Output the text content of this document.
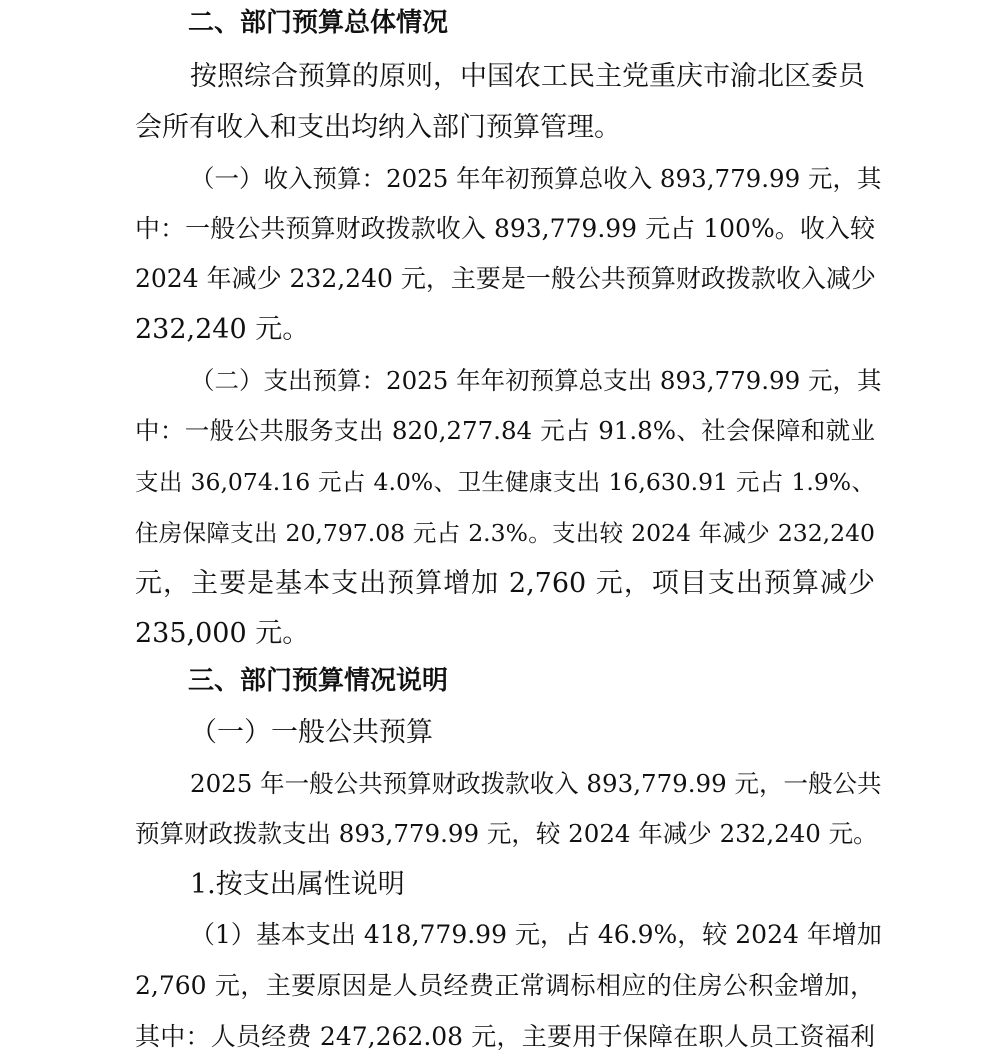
二、部门预算总体情况
按照综合预算的原则，中国农工民主党重庆市渝北区委员
会所有收入和支出均纳入部门预算管理。
（一）收入预算：2025 年年初预算总收入 893,779.99 元，其
中：一般公共预算财政拨款收入 893,779.99 元占 100%。收入较
2024 年减少 232,240 元，主要是一般公共预算财政拨款收入减少
232,240 元。
（二）支出预算：2025 年年初预算总支出 893,779.99 元，其
中：一般公共服务支出 820,277.84 元占 91.8%、社会保障和就业
支出 36,074.16 元占 4.0%、卫生健康支出 16,630.91 元占 1.9%、
住房保障支出 20,797.08 元占 2.3%。支出较 2024 年减少 232,240
元，主要是基本支出预算增加 2,760 元，项目支出预算减少
235,000 元。
三、部门预算情况说明
（一）一般公共预算
2025 年一般公共预算财政拨款收入 893,779.99 元，一般公共
预算财政拨款支出 893,779.99 元，较 2024 年减少 232,240 元。
1.按支出属性说明
（1）基本支出 418,779.99 元，占 46.9%，较 2024 年增加
2,760 元，主要原因是人员经费正常调标相应的住房公积金增加，
其中：人员经费 247,262.08 元，主要用于保障在职人员工资福利
